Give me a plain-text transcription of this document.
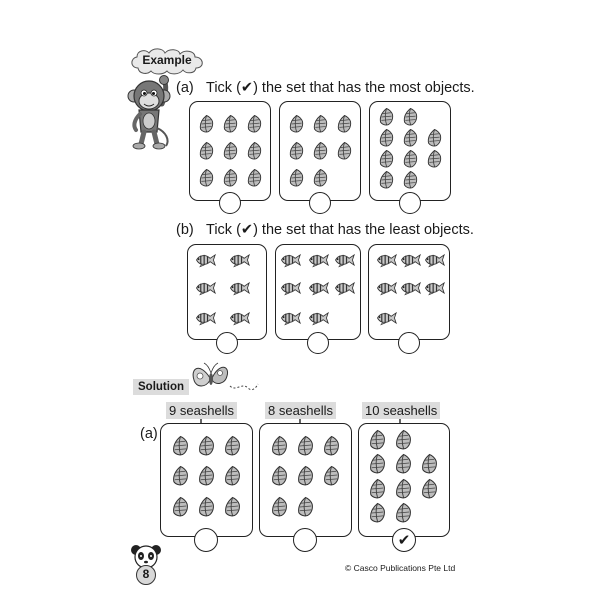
Example
(a) Tick (✔) the set that has the most objects.
(b) Tick (✔) the set that has the least objects.
Solution
9 seashells	8 seashells 10 seashells
(a)
✔
8	© Casco Publications Pte Ltd
